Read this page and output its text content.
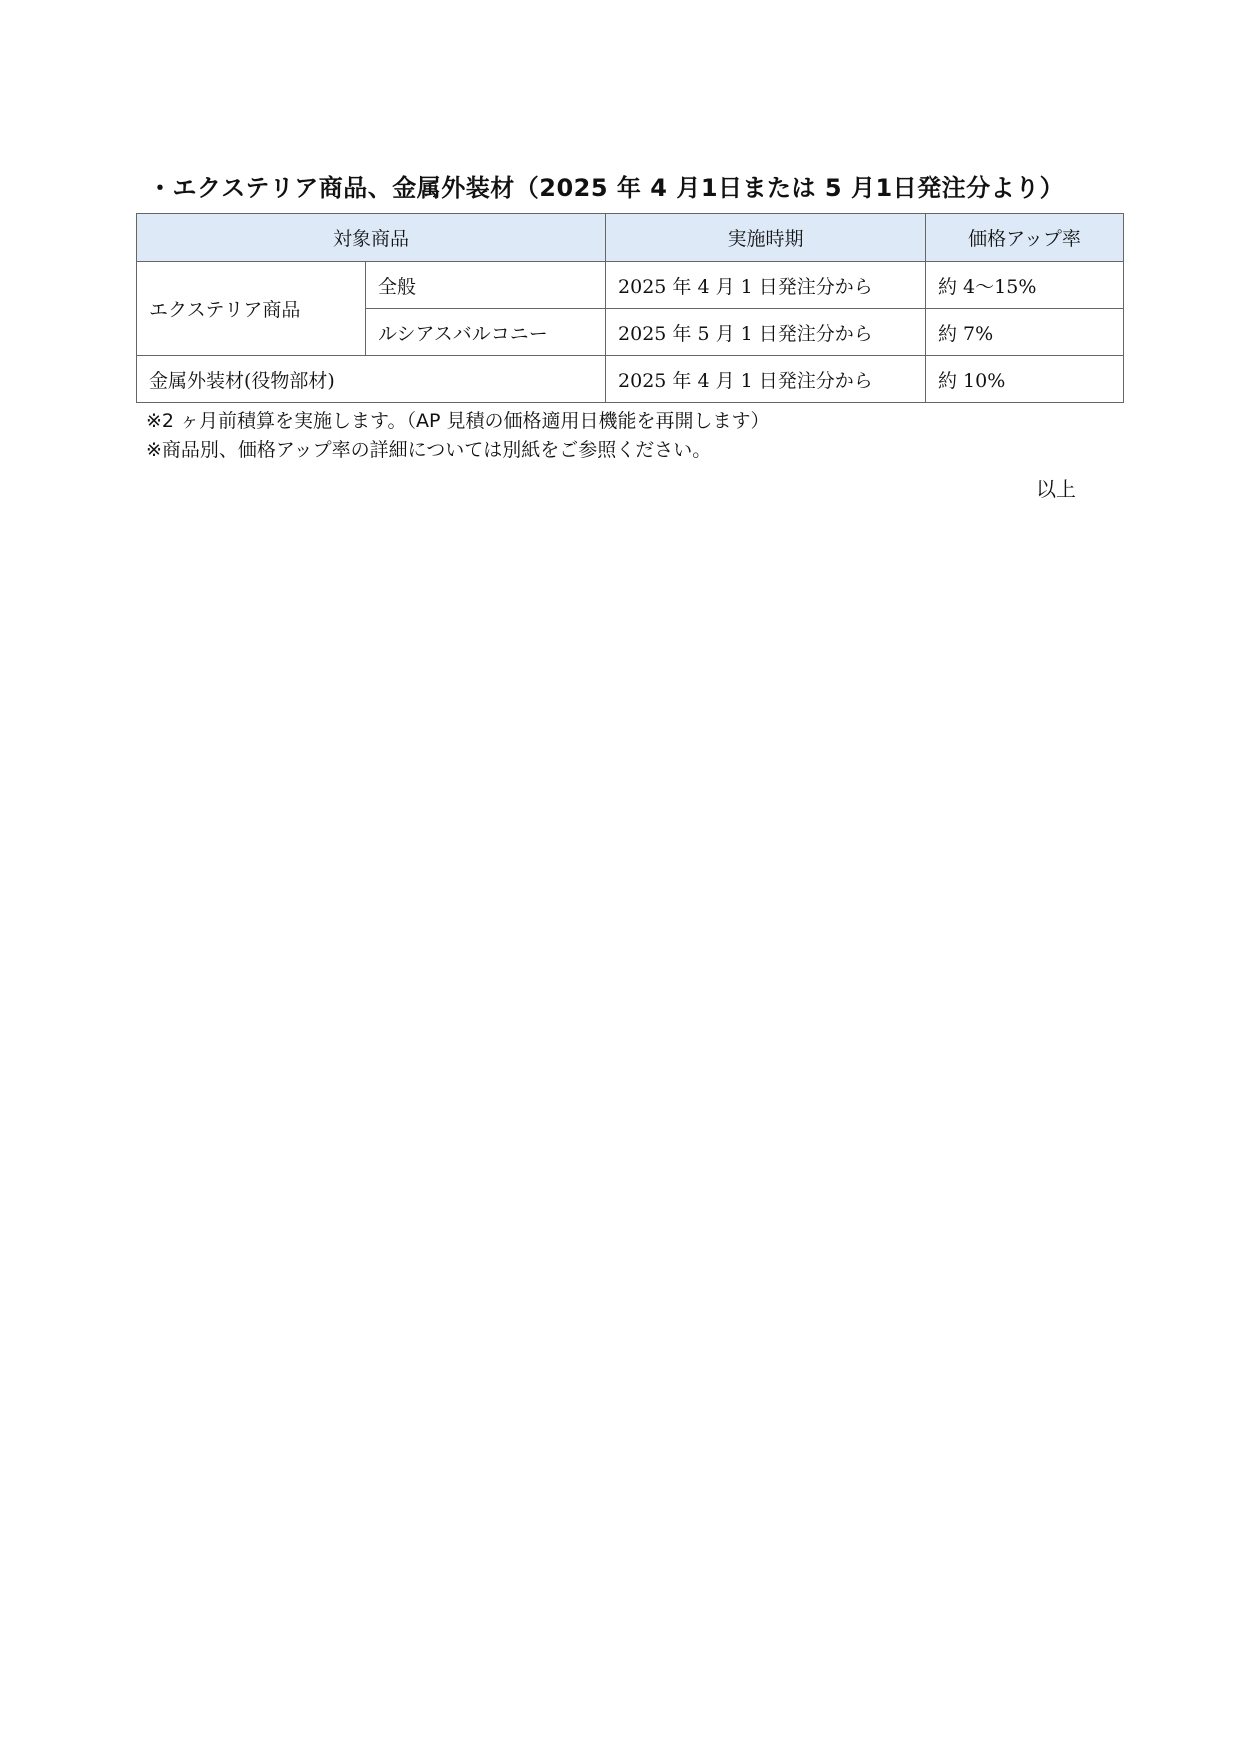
・エクステリア商品、金属外装材（2025 年 4 月1日または 5 月1日発注分より）
対象商品		実施時期	価格アップ率
エクステリア商品	全般	2025 年 4 月 1 日発注分から	約 4～15%
	ルシアスバルコニー	2025 年 5 月 1 日発注分から	約 7%
金属外装材(役物部材)		2025 年 4 月 1 日発注分から	約 10%
※2 ヶ月前積算を実施します。（AP 見積の価格適用日機能を再開します）
※商品別、価格アップ率の詳細については別紙をご参照ください。
以上
